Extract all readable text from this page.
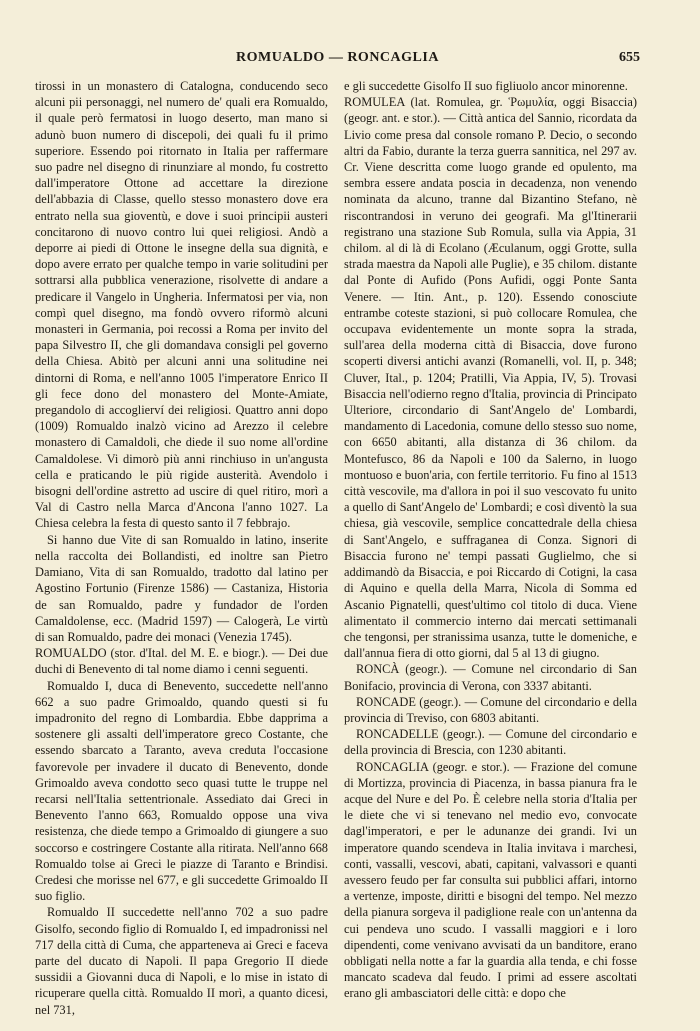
ROMUALDO — RONCAGLIA	655

tirossi in un monastero di Catalogna, conducendo seco alcuni pii personaggi, nel numero de' quali era Romualdo, il quale però fermatosi in luogo deserto, man mano si adunò buon numero di discepoli, dei quali fu il primo superiore. Essendo poi ritornato in Italia per raffermare suo padre nel disegno di rinunziare al mondo, fu costretto dall'imperatore Ottone ad accettare la direzione dell'abbazia di Classe, quello stesso monastero dove era entrato nella sua gioventù, e dove i suoi principii austeri concitarono di nuovo contro lui quei religiosi. Andò a deporre ai piedi di Ottone le insegne della sua dignità, e dopo avere errato per qualche tempo in varie solitudini per sottrarsi alla pubblica venerazione, risolvette di andare a predicare il Vangelo in Ungheria. Infermatosi per via, non compì quel disegno, ma fondò ovvero riformò alcuni monasteri in Germania, poi recossi a Roma per invito del papa Silvestro II, che gli domandava consigli pel governo della Chiesa. Abitò per alcuni anni una solitudine nei dintorni di Roma, e nell'anno 1005 l'imperatore Enrico II gli fece dono del monastero del Monte-Amiate, pregandolo di accoglierví dei religiosi. Quattro anni dopo (1009) Romualdo inalzò vicino ad Arezzo il celebre monastero di Camaldoli, che diede il suo nome all'ordine Camaldolese. Vi dimorò più anni rinchiuso in un'angusta cella e praticando le più rigide austerità. Avendolo i bisogni dell'ordine astretto ad uscire di quel ritiro, morì a Val di Castro nella Marca d'Ancona l'anno 1027. La Chiesa celebra la festa di questo santo il 7 febbrajo.

Si hanno due Vite di san Romualdo in latino, inserite nella raccolta dei Bollandisti, ed inoltre san Pietro Damiano, Vita di san Romualdo, tradotto dal latino per Agostino Fortunio (Firenze 1586) — Castaniza, Historia de san Romualdo, padre y fundador de l'orden Camaldolense, ecc. (Madrid 1597) — Calogerà, Le virtù di san Romualdo, padre dei monaci (Venezia 1745).

ROMUALDO (stor. d'Ital. del M. E. e biogr.). — Dei due duchi di Benevento di tal nome diamo i cenni seguenti.

Romualdo I, duca di Benevento, succedette nell'anno 662 a suo padre Grimoaldo, quando questi si fu impadronito del regno di Lombardia. Ebbe dapprima a sostenere gli assalti dell'imperatore greco Costante, che essendo sbarcato a Taranto, aveva creduta l'occasione favorevole per invadere il ducato di Benevento, donde Grimoaldo aveva condotto seco quasi tutte le truppe nel recarsi nell'Italia settentrionale. Assediato dai Greci in Benevento l'anno 663, Romualdo oppose una viva resistenza, che diede tempo a Grimoaldo di giungere a suo soccorso e costringere Costante alla ritirata. Nell'anno 668 Romualdo tolse ai Greci le piazze di Taranto e Brindisi. Credesi che morisse nel 677, e gli succedette Grimoaldo II suo figlio.

Romualdo II succedette nell'anno 702 a suo padre Gisolfo, secondo figlio di Romualdo I, ed impadronissi nel 717 della città di Cuma, che apparteneva ai Greci e faceva parte del ducato di Napoli. Il papa Gregorio II diede sussidii a Giovanni duca di Napoli, e lo mise in istato di ricuperare quella città. Romualdo II morì, a quanto dicesi, nel 731,

e gli succedette Gisolfo II suo figliuolo ancor minorenne.

ROMULEA (lat. Romulea, gr. Ῥωμυλία, oggi Bisaccia) (geogr. ant. e stor.). — Città antica del Sannio, ricordata da Livio come presa dal console romano P. Decio, o secondo altri da Fabio, durante la terza guerra sannitica, nel 297 av. Cr. Viene descritta come luogo grande ed opulento, ma sembra essere andata poscia in decadenza, non venendo nominata da alcuno, tranne dal Bizantino Stefano, nè riscontrandosi in veruno dei geografi. Ma gl'Itinerarii registrano una stazione Sub Romula, sulla via Appia, 31 chilom. al di là di Ecolano (Æculanum, oggi Grotte, sulla strada maestra da Napoli alle Puglie), e 35 chilom. distante dal Ponte di Aufido (Pons Aufidi, oggi Ponte Santa Venere. — Itin. Ant., p. 120). Essendo conosciute entrambe coteste stazioni, si può collocare Romulea, che occupava evidentemente un monte sopra la strada, sull'area della moderna città di Bisaccia, dove furono scoperti diversi antichi avanzi (Romanelli, vol. II, p. 348; Cluver, Ital., p. 1204; Pratilli, Via Appia, IV, 5). Trovasi Bisaccia nell'odierno regno d'Italia, provincia di Principato Ulteriore, circondario di Sant'Angelo de' Lombardi, mandamento di Lacedonia, comune dello stesso suo nome, con 6650 abitanti, alla distanza di 36 chilom. da Montefusco, 86 da Napoli e 100 da Salerno, in luogo montuoso e buon'aria, con fertile territorio. Fu fino al 1513 città vescovile, ma d'allora in poi il suo vescovato fu unito a quello di Sant'Angelo de' Lombardi; e così diventò la sua chiesa, già vescovile, semplice concattedrale della chiesa di Sant'Angelo, e suffraganea di Conza. Signori di Bisaccia furono ne' tempi passati Guglielmo, che si addimandò da Bisaccia, e poi Riccardo di Cotigni, la casa di Aquino e quella della Marra, Nicola di Somma ed Ascanio Pignatelli, quest'ultimo col titolo di duca. Viene alimentato il commercio interno dai mercati settimanali che tengonsi, per stranissima usanza, tutte le domeniche, e dall'annua fiera di otto giorni, dal 5 al 13 di giugno.

RONCÀ (geogr.). — Comune nel circondario di San Bonifacio, provincia di Verona, con 3337 abitanti.

RONCADE (geogr.). — Comune del circondario e della provincia di Treviso, con 6803 abitanti.

RONCADELLE (geogr.). — Comune del circondario e della provincia di Brescia, con 1230 abitanti.

RONCAGLIA (geogr. e stor.). — Frazione del comune di Mortizza, provincia di Piacenza, in bassa pianura fra le acque del Nure e del Po. È celebre nella storia d'Italia per le diete che vi si tenevano nel medio evo, convocate dagl'imperatori, e per le adunanze dei grandi. Ivi un imperatore quando scendeva in Italia invitava i marchesi, conti, vassalli, vescovi, abati, capitani, valvassori e quanti avessero feudo per far consulta sui pubblici affari, intorno a vertenze, imposte, diritti e bisogni del tempo. Nel mezzo della pianura sorgeva il padiglione reale con un'antenna da cui pendeva uno scudo. I vassalli maggiori e i loro dipendenti, come venivano avvisati da un banditore, erano obbligati nella notte a far la guardia alla tenda, e chi fosse mancato scadeva dal feudo. I primi ad essere ascoltati erano gli ambasciatori delle città: e dopo che
